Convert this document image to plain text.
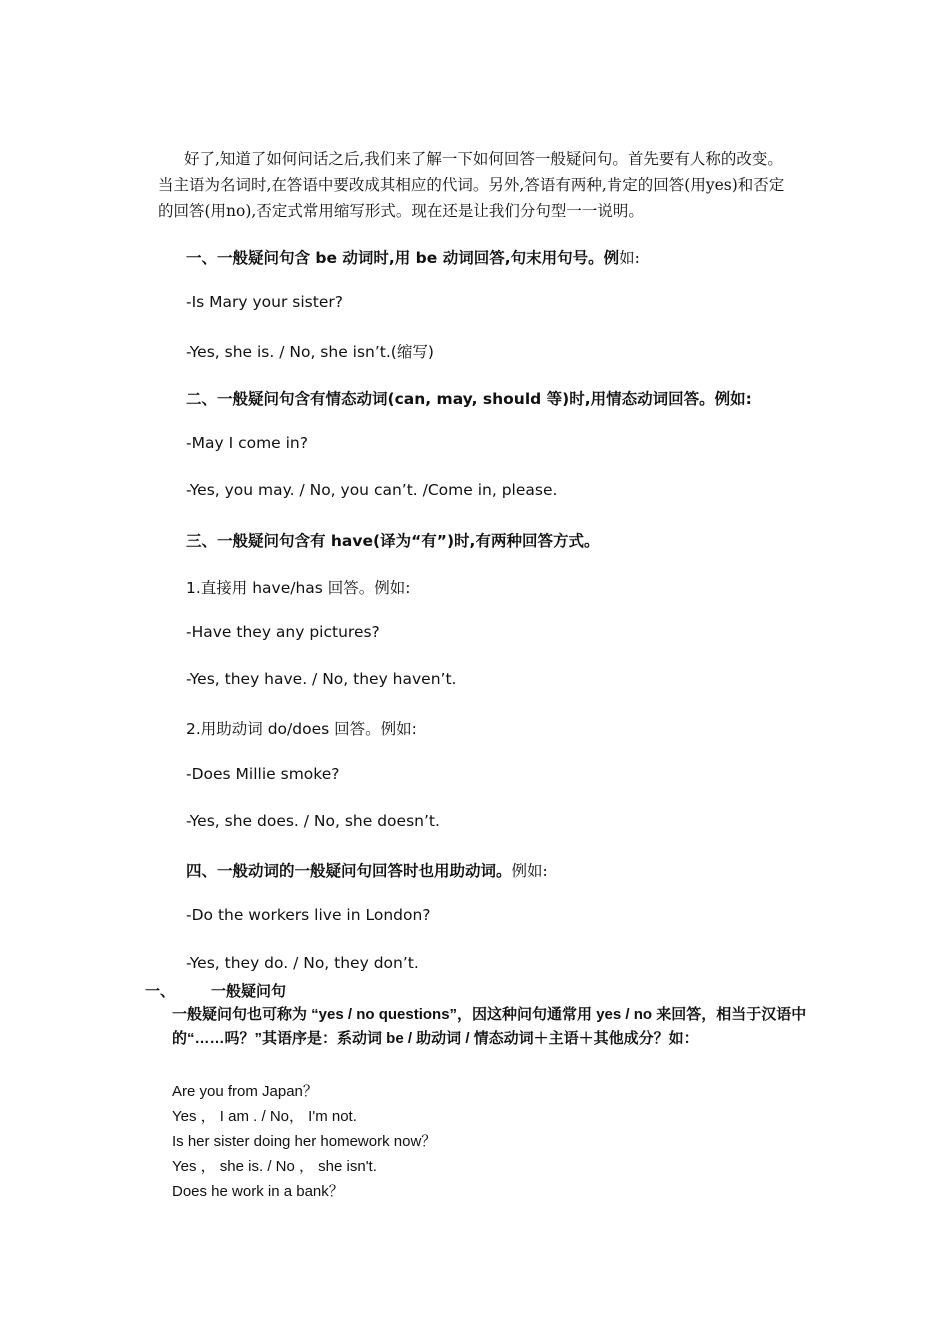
好了,知道了如何问话之后,我们来了解一下如何回答一般疑问句。首先要有人称的改变。当主语为名词时,在答语中要改成其相应的代词。另外,答语有两种,肯定的回答(用yes)和否定的回答(用no),否定式常用缩写形式。现在还是让我们分句型一一说明。

一、一般疑问句含 be 动词时,用 be 动词回答,句末用句号。例如:

-Is Mary your sister?

-Yes, she is. / No, she isn’t.(缩写)

二、一般疑问句含有情态动词(can, may, should 等)时,用情态动词回答。例如:

-May I come in?

-Yes, you may. / No, you can’t. /Come in, please.

三、一般疑问句含有 have(译为“有”)时,有两种回答方式。

1.直接用 have/has 回答。例如:

-Have they any pictures?

-Yes, they have. / No, they haven’t.

2.用助动词 do/does 回答。例如:

-Does Millie smoke?

-Yes, she does. / No, she doesn’t.

四、一般动词的一般疑问句回答时也用助动词。例如:

-Do the workers live in London?

-Yes, they do. / No, they don’t.

一、 一般疑问句

一般疑问句也可称为 “yes / no questions”，因这种问句通常用 yes / no 来回答，相当于汉语中的“……吗？”其语序是：系动词 be / 助动词 / 情态动词＋主语＋其他成分？如：

Are you from Japan？

Yes ， I am . / No， I'm not.

Is her sister doing her homework now？

Yes ， she is. / No ， she isn't.

Does he work in a bank？
